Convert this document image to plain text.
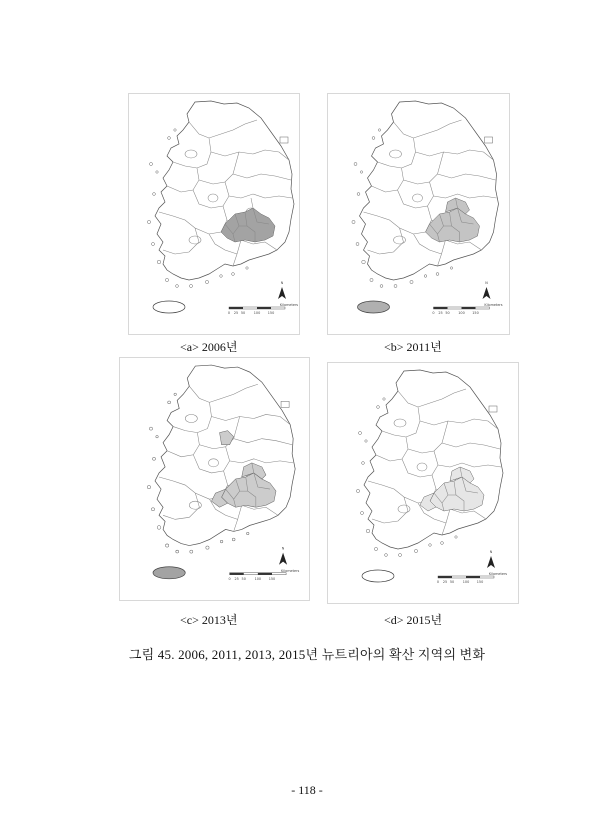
N
0 25 50	100 150
Kilometers
N
0 25 50	100 150
Kilometers
N
0 25 50	100 150
Kilometers
N
0 25 50	100 150
Kilometers
<a> 2006년	<b> 2011년
<c> 2013년	<d> 2015년
그림 45. 2006, 2011, 2013, 2015년 뉴트리아의 확산 지역의 변화
- 118 -
